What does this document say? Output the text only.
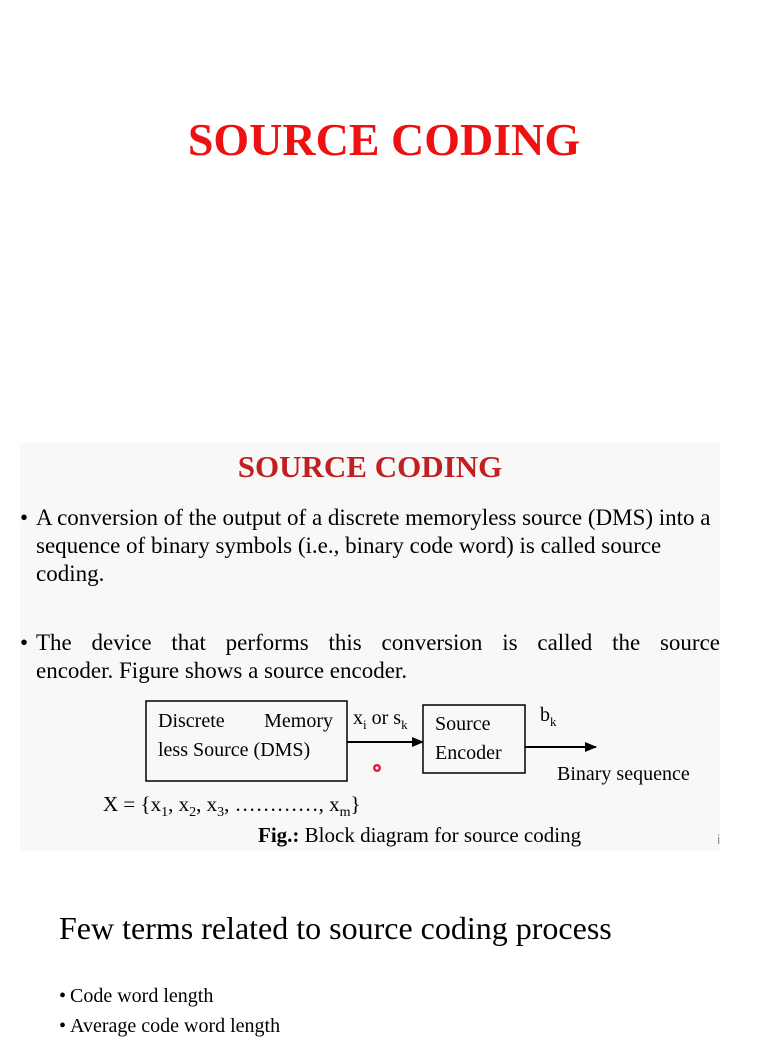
SOURCE CODING
SOURCE CODING
• A conversion of the output of a discrete memoryless source (DMS) into a sequence of binary symbols (i.e., binary code word) is called source coding.
• The device that performs this conversion is called the source
encoder. Figure shows a source encoder.
Discrete Memory
less Source (DMS)
$x_i$ or $s_k$ Source
Encoder
$b_k$
Binary sequence
$X = \{x_1$, $x_2$, $x_3$, …………, $x_m$}
Fig.: Block diagram for source coding	i
Few terms related to source coding process
• Code word length
• Average code word length
